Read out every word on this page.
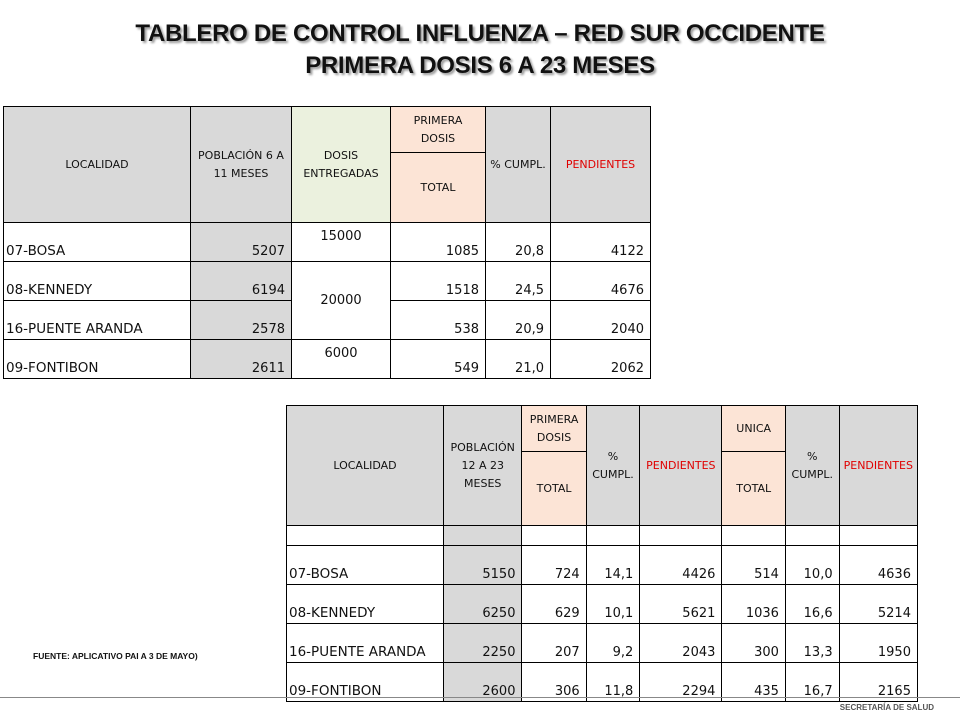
TABLERO DE CONTROL INFLUENZA – RED SUR OCCIDENTE
PRIMERA DOSIS 6 A 23 MESES
LOCALIDAD	POBLACIÓN 6 A 11 MESES	DOSIS ENTREGADAS	PRIMERA DOSIS	% CUMPL.	PENDIENTES
			TOTAL		
07-BOSA	5207	15000	1085	20,8	4122
08-KENNEDY	6194	20000	1518	24,5	4676
16-PUENTE ARANDA	2578		538	20,9	2040
09-FONTIBON	2611	6000	549	21,0	2062
LOCALIDAD	POBLACIÓN 12 A 23 MESES	PRIMERA DOSIS	% CUMPL.	PENDIENTES	UNICA	% CUMPL.	PENDIENTES
		TOTAL			TOTAL		

07-BOSA	5150	724	14,1	4426	514	10,0	4636
08-KENNEDY	6250	629	10,1	5621	1036	16,6	5214
16-PUENTE ARANDA	2250	207	9,2	2043	300	13,3	1950
09-FONTIBON	2600	306	11,8	2294	435	16,7	2165
FUENTE: APLICATIVO PAI A 3 DE MAYO)
SECRETARÍA DE SALUD
